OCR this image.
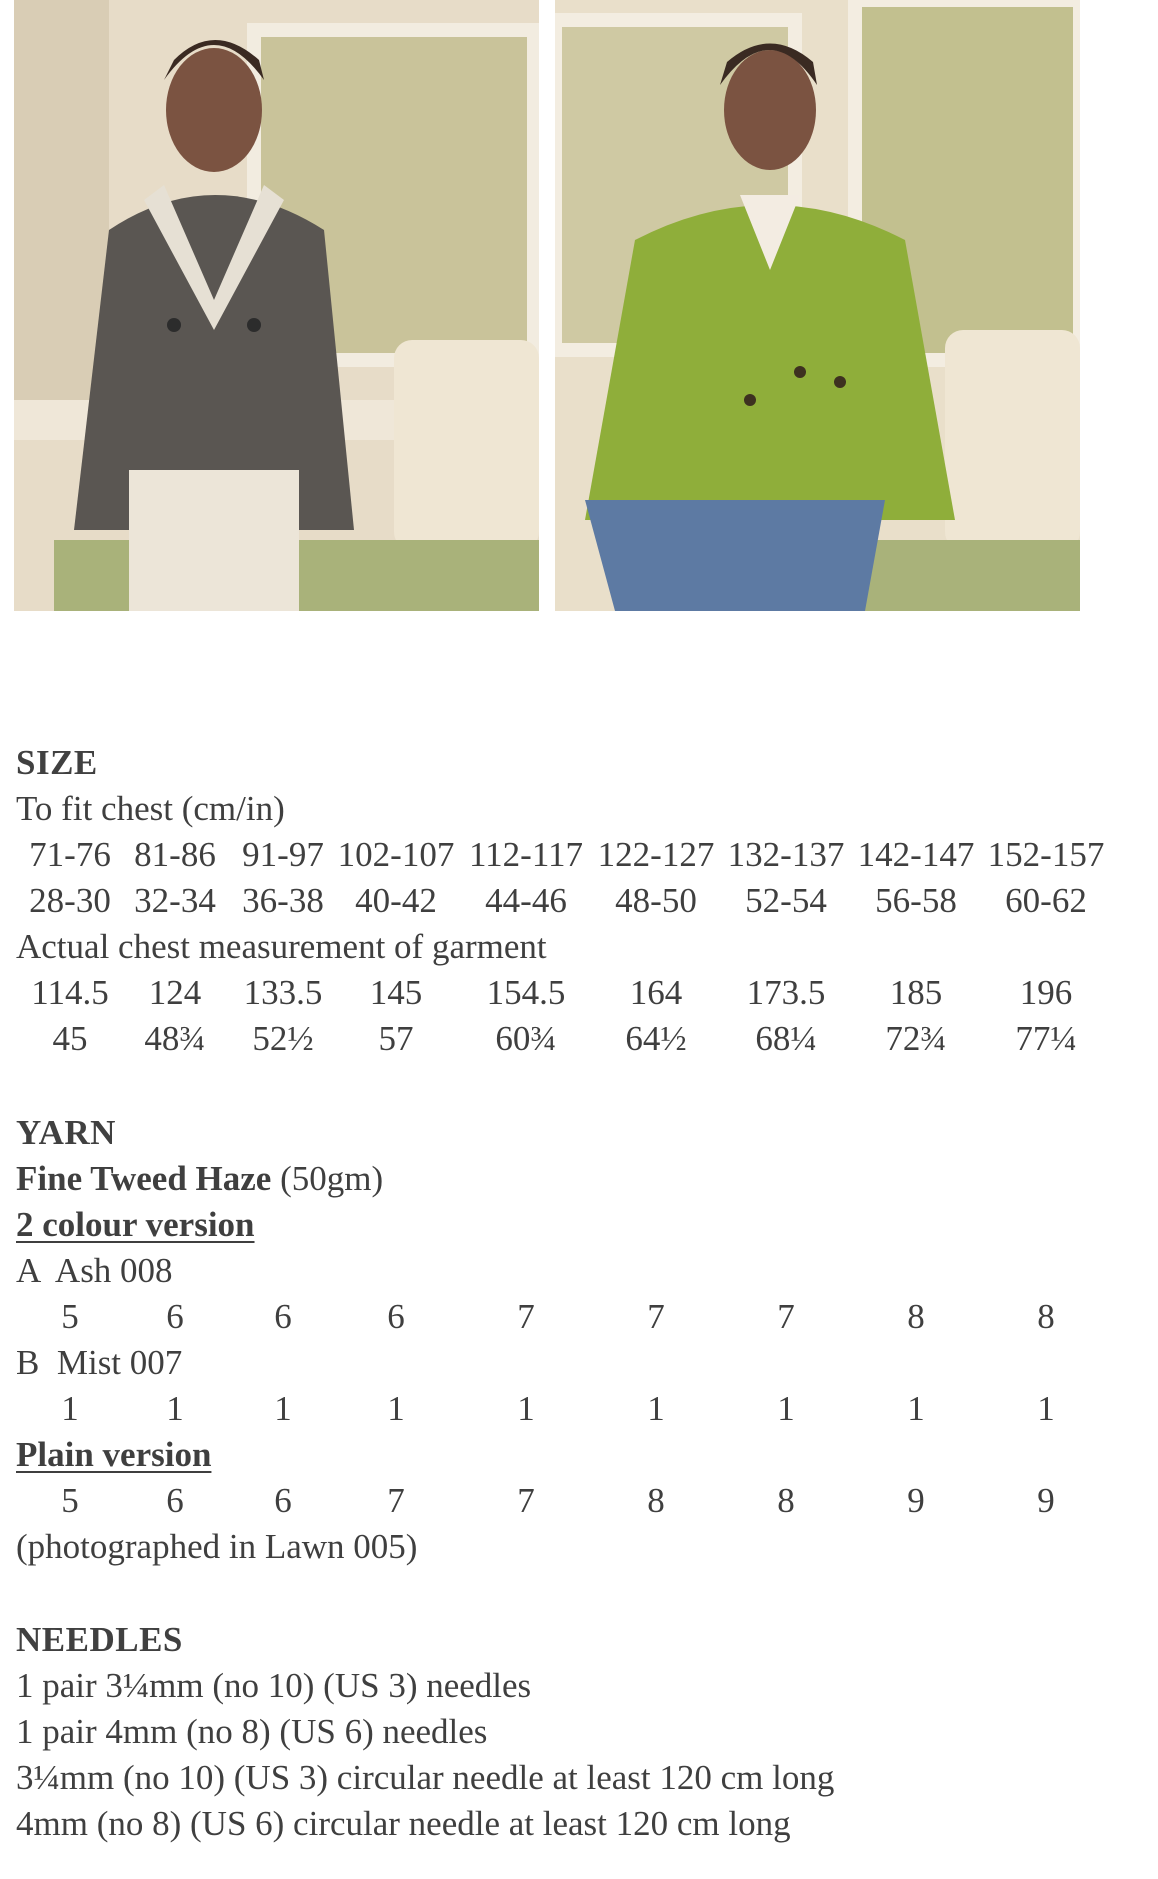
SIZE
To fit chest (cm/in)
71-76 81-86 91-97 102-107 112-117 122-127 132-137 142-147 152-157
28-30 32-34 36-38 40-42 44-46 48-50 52-54 56-58 60-62
Actual chest measurement of garment
114.5 124 133.5 145 154.5 164 173.5 185 196
45 48¾ 52½ 57 60¾ 64½ 68¼ 72¾ 77¼
YARN
Fine Tweed Haze (50gm)
2 colour version
A  Ash 008
5	6	6	6	7	7	7	8	8
B  Mist 007
1	1	1	1	1	1	1	1	1
Plain version
5	6	6	7	7	8	8	9	9
(photographed in Lawn 005)
NEEDLES
1 pair 3¼mm (no 10) (US 3) needles
1 pair 4mm (no 8) (US 6) needles
3¼mm (no 10) (US 3) circular needle at least 120 cm long
4mm (no 8) (US 6) circular needle at least 120 cm long
